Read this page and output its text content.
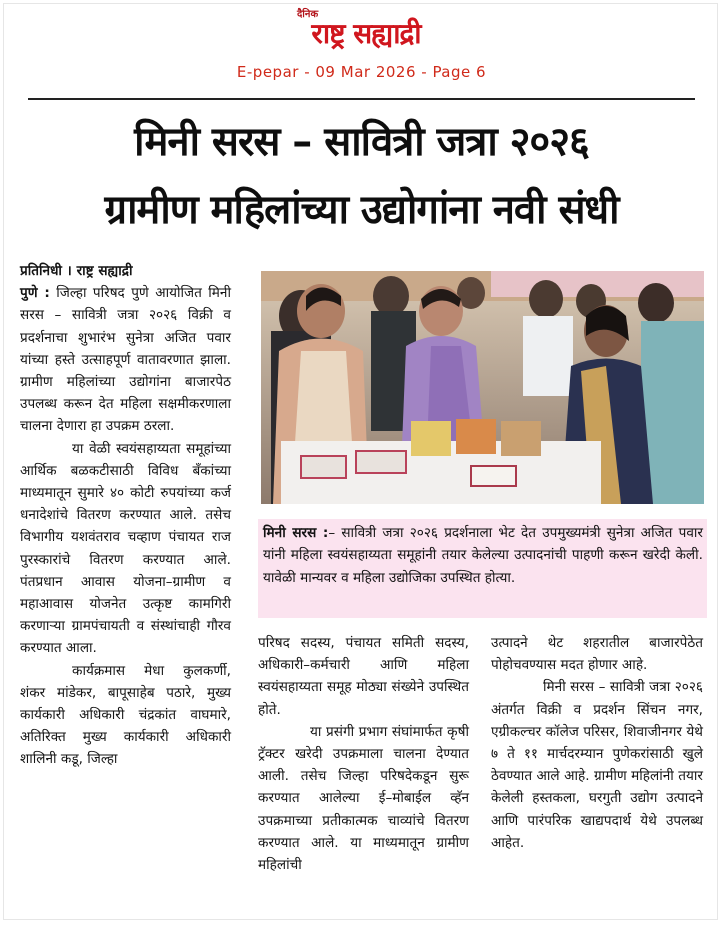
दैनिक
राष्ट्र सह्याद्री
E-pepar - 09 Mar 2026 - Page 6
मिनी सरस – सावित्री जत्रा २०२६
ग्रामीण महिलांच्या उद्योगांना नवी संधी

प्रतिनिधी । राष्ट्र सह्याद्री

पुणे : जिल्हा परिषद पुणे आयोजित मिनी सरस – सावित्री जत्रा २०२६ विक्री व प्रदर्शनाचा शुभारंभ सुनेत्रा अजित पवार यांच्या हस्ते उत्साहपूर्ण वातावरणात झाला. ग्रामीण महिलांच्या उद्योगांना बाजारपेठ उपलब्ध करून देत महिला सक्षमीकरणाला चालना देणारा हा उपक्रम ठरला.

या वेळी स्वयंसहाय्यता समूहांच्या आर्थिक बळकटीसाठी विविध बँकांच्या माध्यमातून सुमारे ४० कोटी रुपयांच्या कर्ज धनादेशांचे वितरण करण्यात आले. तसेच विभागीय यशवंतराव चव्हाण पंचायत राज पुरस्कारांचे वितरण करण्यात आले. पंतप्रधान आवास योजना–ग्रामीण व महाआवास योजनेत उत्कृष्ट कामगिरी करणाऱ्या ग्रामपंचायती व संस्थांचाही गौरव करण्यात आला.

कार्यक्रमास मेधा कुलकर्णी, शंकर मांडेकर, बापूसाहेब पठारे, मुख्य कार्यकारी अधिकारी चंद्रकांत वाघमारे, अतिरिक्त मुख्य कार्यकारी अधिकारी शालिनी कडू, जिल्हा

मिनी सरस :– सावित्री जत्रा २०२६ प्रदर्शनाला भेट देत उपमुख्यमंत्री सुनेत्रा अजित पवार यांनी महिला स्वयंसहाय्यता समूहांनी तयार केलेल्या उत्पादनांची पाहणी करून खरेदी केली. यावेळी मान्यवर व महिला उद्योजिका उपस्थित होत्या.

परिषद सदस्य, पंचायत समिती सदस्य, अधिकारी–कर्मचारी आणि महिला स्वयंसहाय्यता समूह मोठ्या संख्येने उपस्थित होते.

या प्रसंगी प्रभाग संघांमार्फत कृषी ट्रॅक्टर खरेदी उपक्रमाला चालना देण्यात आली. तसेच जिल्हा परिषदेकडून सुरू करण्यात आलेल्या ई–मोबाईल व्हॅन उपक्रमाच्या प्रतीकात्मक चाव्यांचे वितरण करण्यात आले. या माध्यमातून ग्रामीण महिलांची

उत्पादने थेट शहरातील बाजारपेठेत पोहोचवण्यास मदत होणार आहे.

मिनी सरस – सावित्री जत्रा २०२६ अंतर्गत विक्री व प्रदर्शन सिंचन नगर, एग्रीकल्चर कॉलेज परिसर, शिवाजीनगर येथे ७ ते ११ मार्चदरम्यान पुणेकरांसाठी खुले ठेवण्यात आले आहे. ग्रामीण महिलांनी तयार केलेली हस्तकला, घरगुती उद्योग उत्पादने आणि पारंपरिक खाद्यपदार्थ येथे उपलब्ध आहेत.
